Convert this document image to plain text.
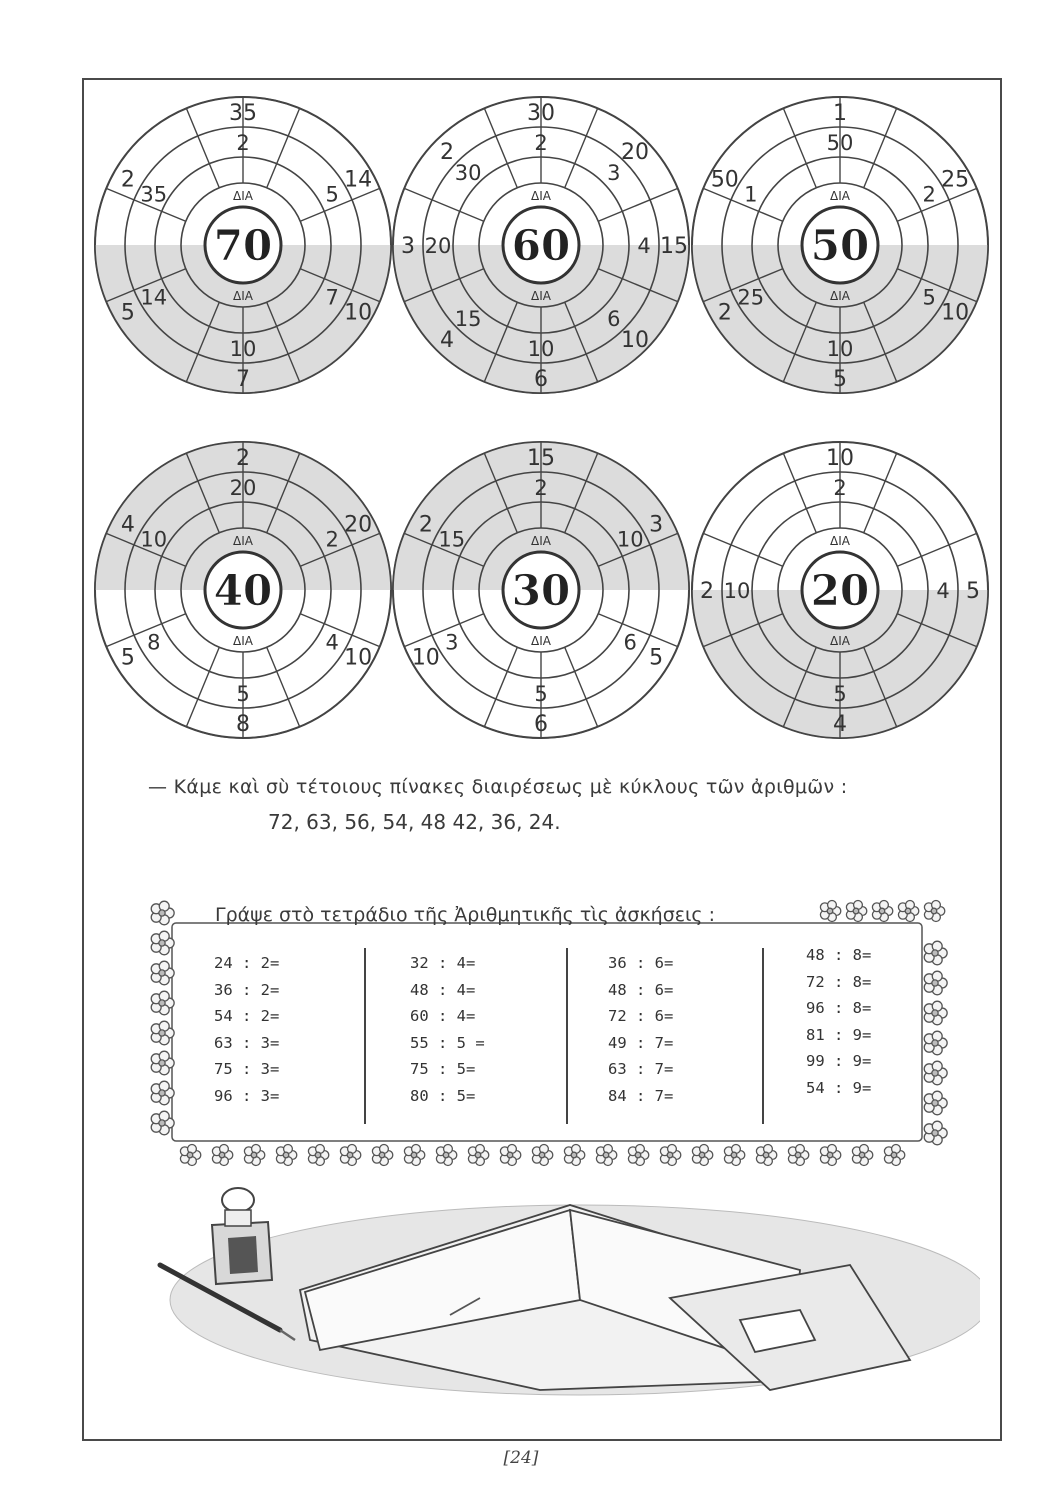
70
ΔΙΑ
ΔΙΑ
35
14
10
7
5
2
2
5
7
10
14
35
60
ΔΙΑ
ΔΙΑ
30
20
15
10
6
4
3
2	2
3
4
6
10
15
20
30
50
ΔΙΑ
ΔΙΑ
1
25
10
5
2
50
50
2
5
10
25
1
40
ΔΙΑ
ΔΙΑ
2
20
10
8
5
4
20
2
4
5
8
10
30
ΔΙΑ
ΔΙΑ
15
3
5
6
10
2
2
10
6
5
3
15
20
ΔΙΑ
ΔΙΑ
10
5
4
2
2
4
5
10
— Κάμε καὶ σὺ τέτοιους πίνακες διαιρέσεως μὲ κύκλους τῶν ἀριθμῶν :
72, 63, 56, 54, 48 42, 36, 24.
Γράψε στὸ τετράδιο τῆς Ἀριθμητικῆς τὶς ἀσκήσεις :
24 : 2=
36 : 2=
54 : 2=
63 : 3=
75 : 3=
96 : 3=
32 : 4=
48 : 4=
60 : 4=
55 : 5 =
75 : 5=
80 : 5=
36 : 6=
48 : 6=
72 : 6=
49 : 7=
63 : 7=
84 : 7=
48 : 8=
72 : 8=
96 : 8=
81 : 9=
99 : 9=
54 : 9=
[24]
